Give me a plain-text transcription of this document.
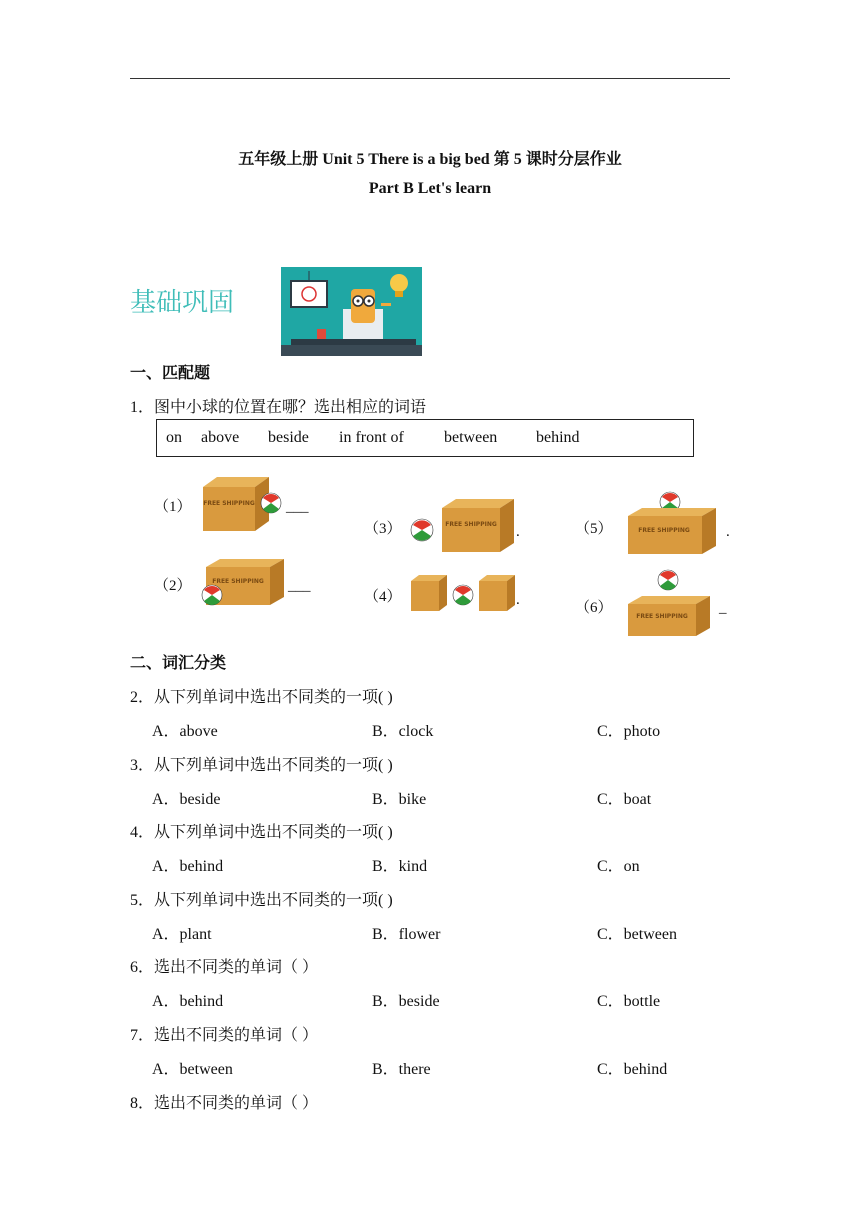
五年级上册 Unit 5 There is a big bed 第 5 课时分层作业
Part B Let's learn
基础巩固
一、匹配题
1．图中小球的位置在哪？选出相应的词语
on above beside in front of	between behind
（1）
（2）
（3）
（4）
（5）
（6）
___
___
.
.
.
_
FREE SHIPPING
FREE SHIPPING
FREE SHIPPING
FREE SHIPPING
FREE SHIPPING
二、词汇分类
2．从下列单词中选出不同类的一项( )
A．above	B．clock	C．photo
3．从下列单词中选出不同类的一项( )
A．beside	B．bike	C．boat
4．从下列单词中选出不同类的一项( )
A．behind	B．kind	C．on
5．从下列单词中选出不同类的一项( )
A．plant	B．flower	C．between
6．选出不同类的单词（ ）
A．behind	B．beside	C．bottle
7．选出不同类的单词（ ）
A．between	B．there	C．behind
8．选出不同类的单词（ ）
